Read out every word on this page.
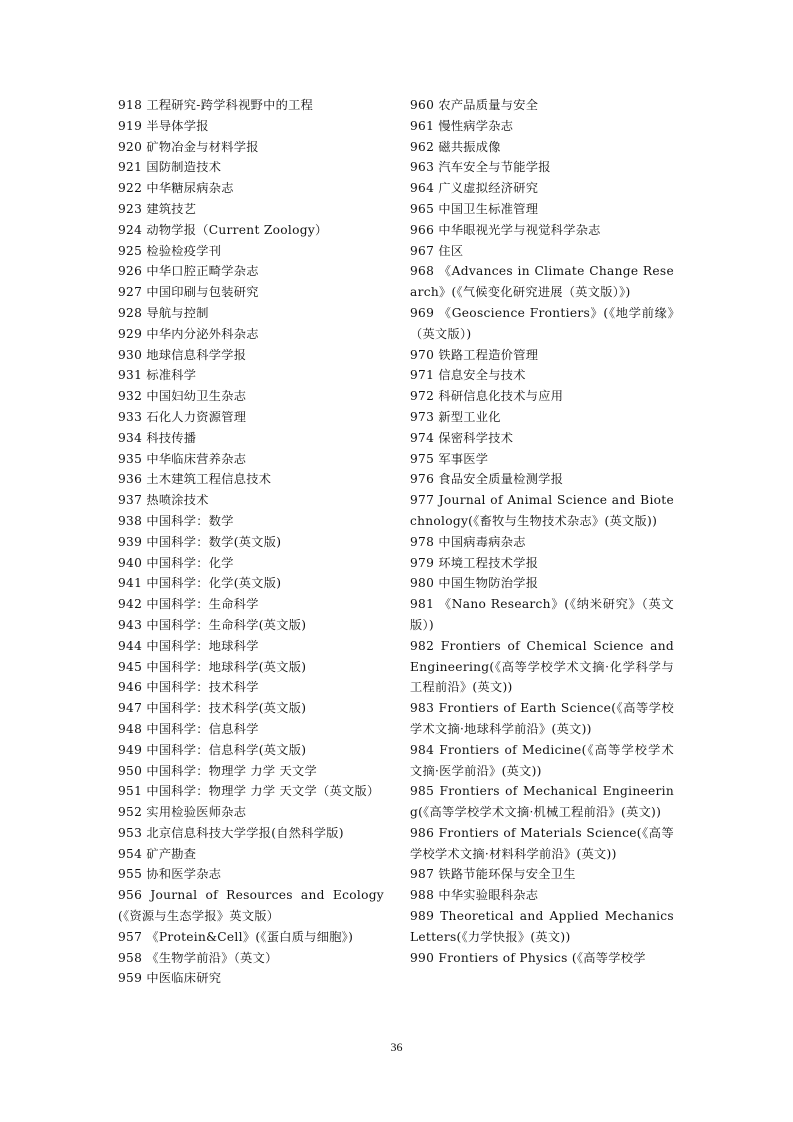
918 工程研究-跨学科视野中的工程
919 半导体学报
920 矿物冶金与材料学报
921 国防制造技术
922 中华糖尿病杂志
923 建筑技艺
924 动物学报（Current Zoology）
925 检验检疫学刊
926 中华口腔正畸学杂志
927 中国印刷与包装研究
928 导航与控制
929 中华内分泌外科杂志
930 地球信息科学学报
931 标准科学
932 中国妇幼卫生杂志
933 石化人力资源管理
934 科技传播
935 中华临床营养杂志
936 土木建筑工程信息技术
937 热喷涂技术
938 中国科学：数学
939 中国科学：数学(英文版)
940 中国科学：化学
941 中国科学：化学(英文版)
942 中国科学：生命科学
943 中国科学：生命科学(英文版)
944 中国科学：地球科学
945 中国科学：地球科学(英文版)
946 中国科学：技术科学
947 中国科学：技术科学(英文版)
948 中国科学：信息科学
949 中国科学：信息科学(英文版)
950 中国科学：物理学 力学 天文学
951 中国科学：物理学 力学 天文学（英文版）
952 实用检验医师杂志
953 北京信息科技大学学报(自然科学版)
954 矿产勘查
955 协和医学杂志
956 Journal of Resources and Ecology(《资源与生态学报》英文版）
957 《Protein&Cell》(《蛋白质与细胞》)
958 《生物学前沿》（英文）
959 中医临床研究
960 农产品质量与安全
961 慢性病学杂志
962 磁共振成像
963 汽车安全与节能学报
964 广义虚拟经济研究
965 中国卫生标准管理
966 中华眼视光学与视觉科学杂志
967 住区
968 《Advances in Climate Change Research》(《气候变化研究进展（英文版）》)
969 《Geoscience Frontiers》(《地学前缘》（英文版）)
970 铁路工程造价管理
971 信息安全与技术
972 科研信息化技术与应用
973 新型工业化
974 保密科学技术
975 军事医学
976 食品安全质量检测学报
977 Journal of Animal Science and Biotechnology(《畜牧与生物技术杂志》(英文版))
978 中国病毒病杂志
979 环境工程技术学报
980 中国生物防治学报
981 《Nano Research》(《纳米研究》（英文版）)
982 Frontiers of Chemical Science and Engineering(《高等学校学术文摘·化学科学与工程前沿》(英文))
983 Frontiers of Earth Science(《高等学校学术文摘·地球科学前沿》(英文))
984 Frontiers of Medicine(《高等学校学术文摘·医学前沿》(英文))
985 Frontiers of Mechanical Engineering(《高等学校学术文摘·机械工程前沿》(英文))
986 Frontiers of Materials Science(《高等学校学术文摘·材料科学前沿》(英文))
987 铁路节能环保与安全卫生
988 中华实验眼科杂志
989 Theoretical and Applied Mechanics Letters(《力学快报》(英文))
990 Frontiers of Physics (《高等学校学
36
